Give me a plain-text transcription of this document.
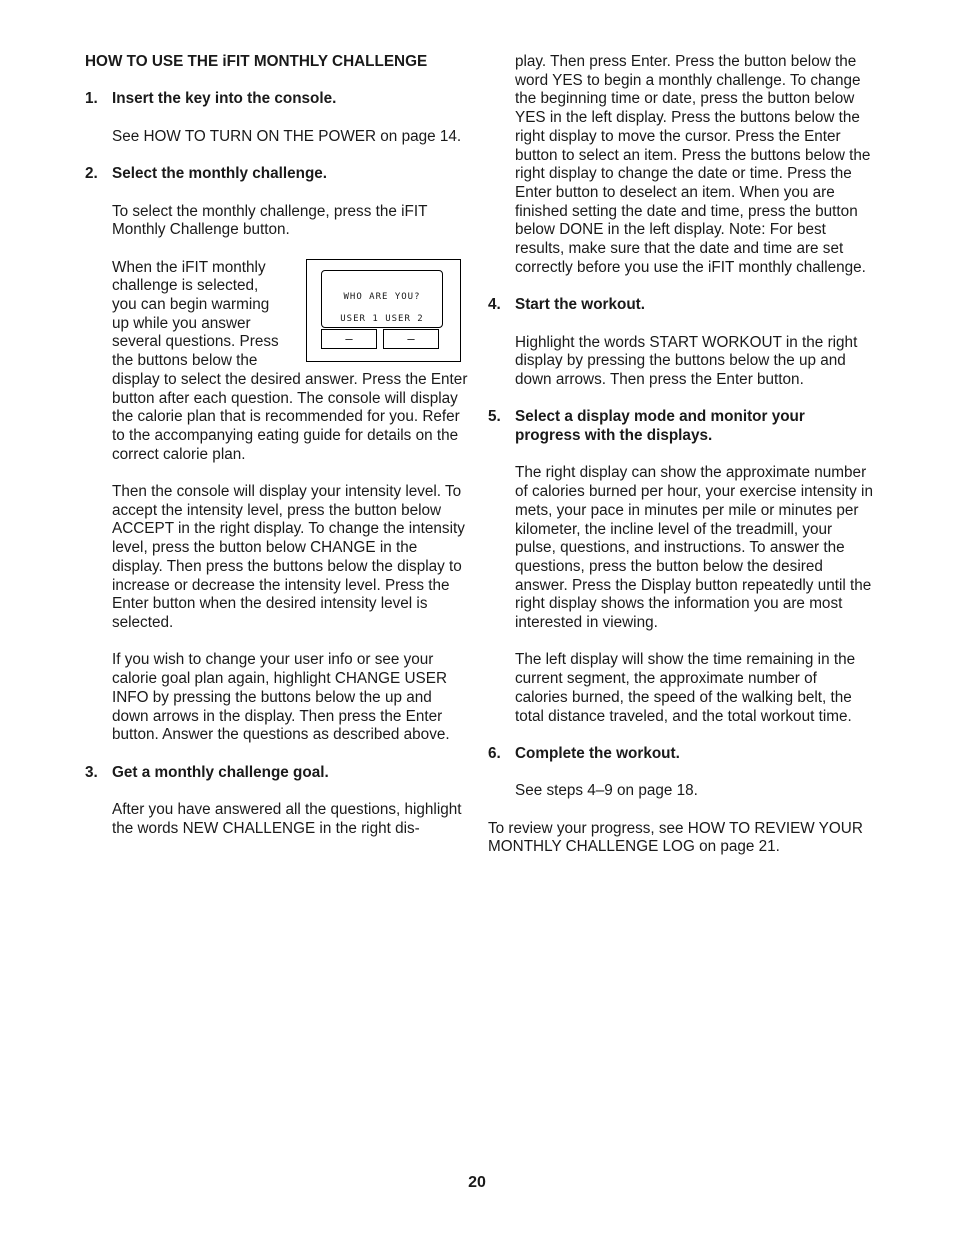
HOW TO USE THE iFIT MONTHLY CHALLENGE
1. Insert the key into the console.

See HOW TO TURN ON THE POWER on page 14.

2. Select the monthly challenge.

To select the monthly challenge, press the iFIT Monthly Challenge button.

WHO ARE YOU?
USER 1 USER 2
–	–
When the iFIT monthly challenge is selected, you can begin warming up while you answer several questions. Press the buttons below the display to select the desired answer. Press the Enter button after each question. The console will display the calorie plan that is recommended for you. Refer to the accompanying eating guide for details on the correct calorie plan.

Then the console will display your intensity level. To accept the intensity level, press the button below ACCEPT in the right display. To change the intensity level, press the button below CHANGE in the display. Then press the buttons below the display to increase or decrease the intensity level. Press the Enter button when the desired intensity level is selected.

If you wish to change your user info or see your calorie goal plan again, highlight CHANGE USER INFO by pressing the buttons below the up and down arrows in the display. Then press the Enter button. Answer the questions as described above.

3. Get a monthly challenge goal.

After you have answered all the questions, highlight the words NEW CHALLENGE in the right dis-

play. Then press Enter. Press the button below the word YES to begin a monthly challenge. To change the beginning time or date, press the button below YES in the left display. Press the buttons below the right display to move the cursor. Press the Enter button to select an item. Press the buttons below the right display to change the date or time. Press the Enter button to deselect an item. When you are finished setting the date and time, press the button below DONE in the left display. Note: For best results, make sure that the date and time are set correctly before you use the iFIT monthly challenge.

4. Start the workout.

Highlight the words START WORKOUT in the right display by pressing the buttons below the up and down arrows. Then press the Enter button.

5. Select a display mode and monitor your progress with the displays.

The right display can show the approximate number of calories burned per hour, your exercise intensity in mets, your pace in minutes per mile or minutes per kilometer, the incline level of the treadmill, your pulse, questions, and instructions. To answer the questions, press the button below the desired answer. Press the Display button repeatedly until the right display shows the information you are most interested in viewing.

The left display will show the time remaining in the current segment, the approximate number of calories burned, the speed of the walking belt, the total distance traveled, and the total workout time.

6. Complete the workout.

See steps 4–9 on page 18.

To review your progress, see HOW TO REVIEW YOUR MONTHLY CHALLENGE LOG on page 21.

20
